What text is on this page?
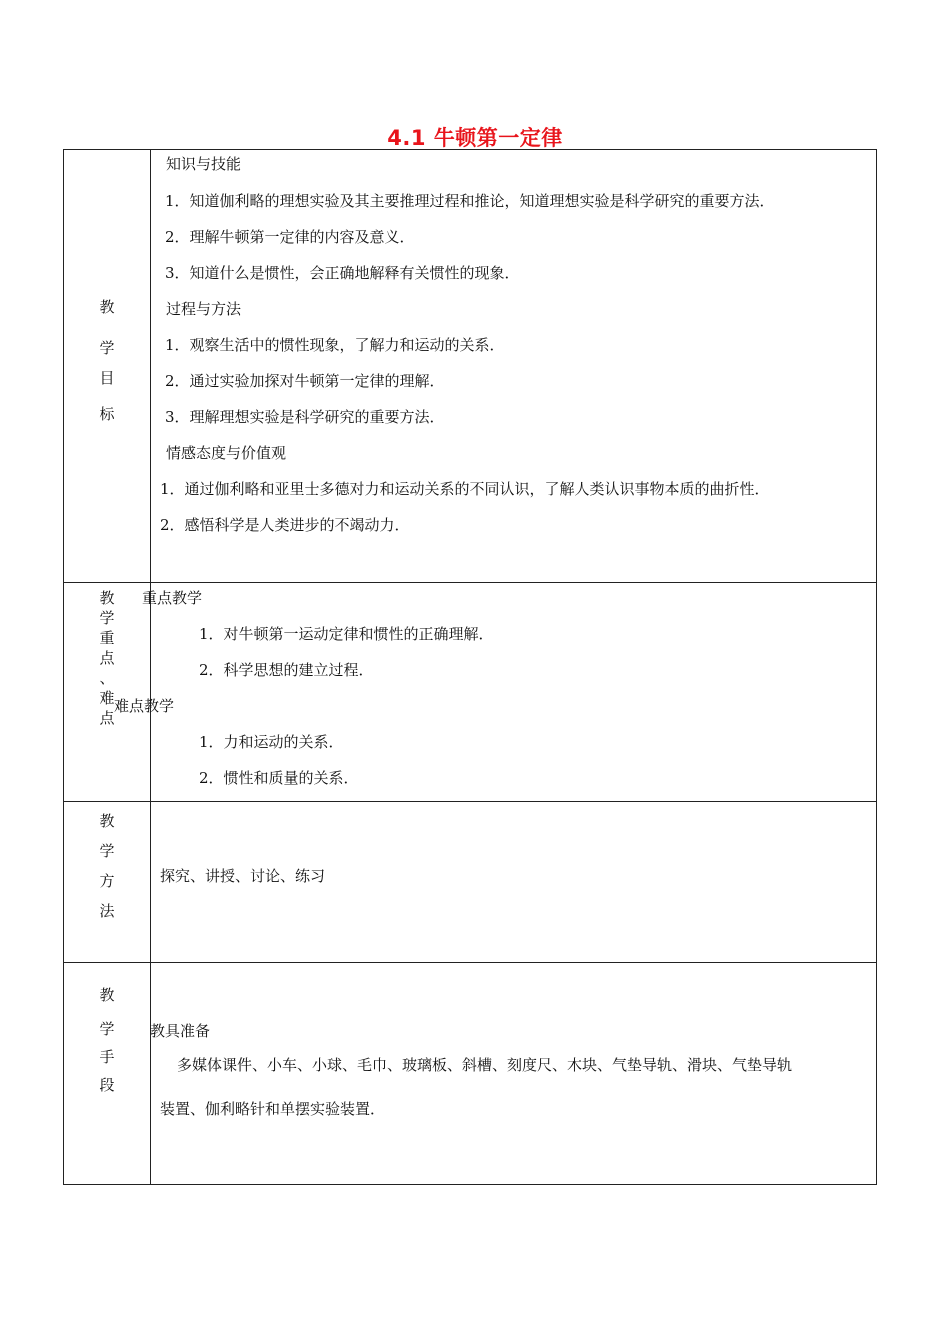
4.1 牛顿第一定律
教
学
目
标
知识与技能
1．知道伽利略的理想实验及其主要推理过程和推论，知道理想实验是科学研究的重要方法．
2．理解牛顿第一定律的内容及意义．
3．知道什么是惯性，会正确地解释有关惯性的现象．
过程与方法
1．观察生活中的惯性现象，了解力和运动的关系．
2．通过实验加探对牛顿第一定律的理解．
3．理解理想实验是科学研究的重要方法．
情感态度与价值观
1．通过伽利略和亚里士多德对力和运动关系的不同认识，了解人类认识事物本质的曲折性．
2．感悟科学是人类进步的不竭动力．
教
学
重
点
、
难
点
重点教学
1．对牛顿第一运动定律和惯性的正确理解．
2．科学思想的建立过程．
难点教学
1．力和运动的关系．
2．惯性和质量的关系．
教
学
方
法
探究、讲授、讨论、练习
教
学
手
段
教具准备
多媒体课件、小车、小球、毛巾、玻璃板、斜槽、刻度尺、木块、气垫导轨、滑块、气垫导轨
装置、伽利略针和单摆实验装置．
